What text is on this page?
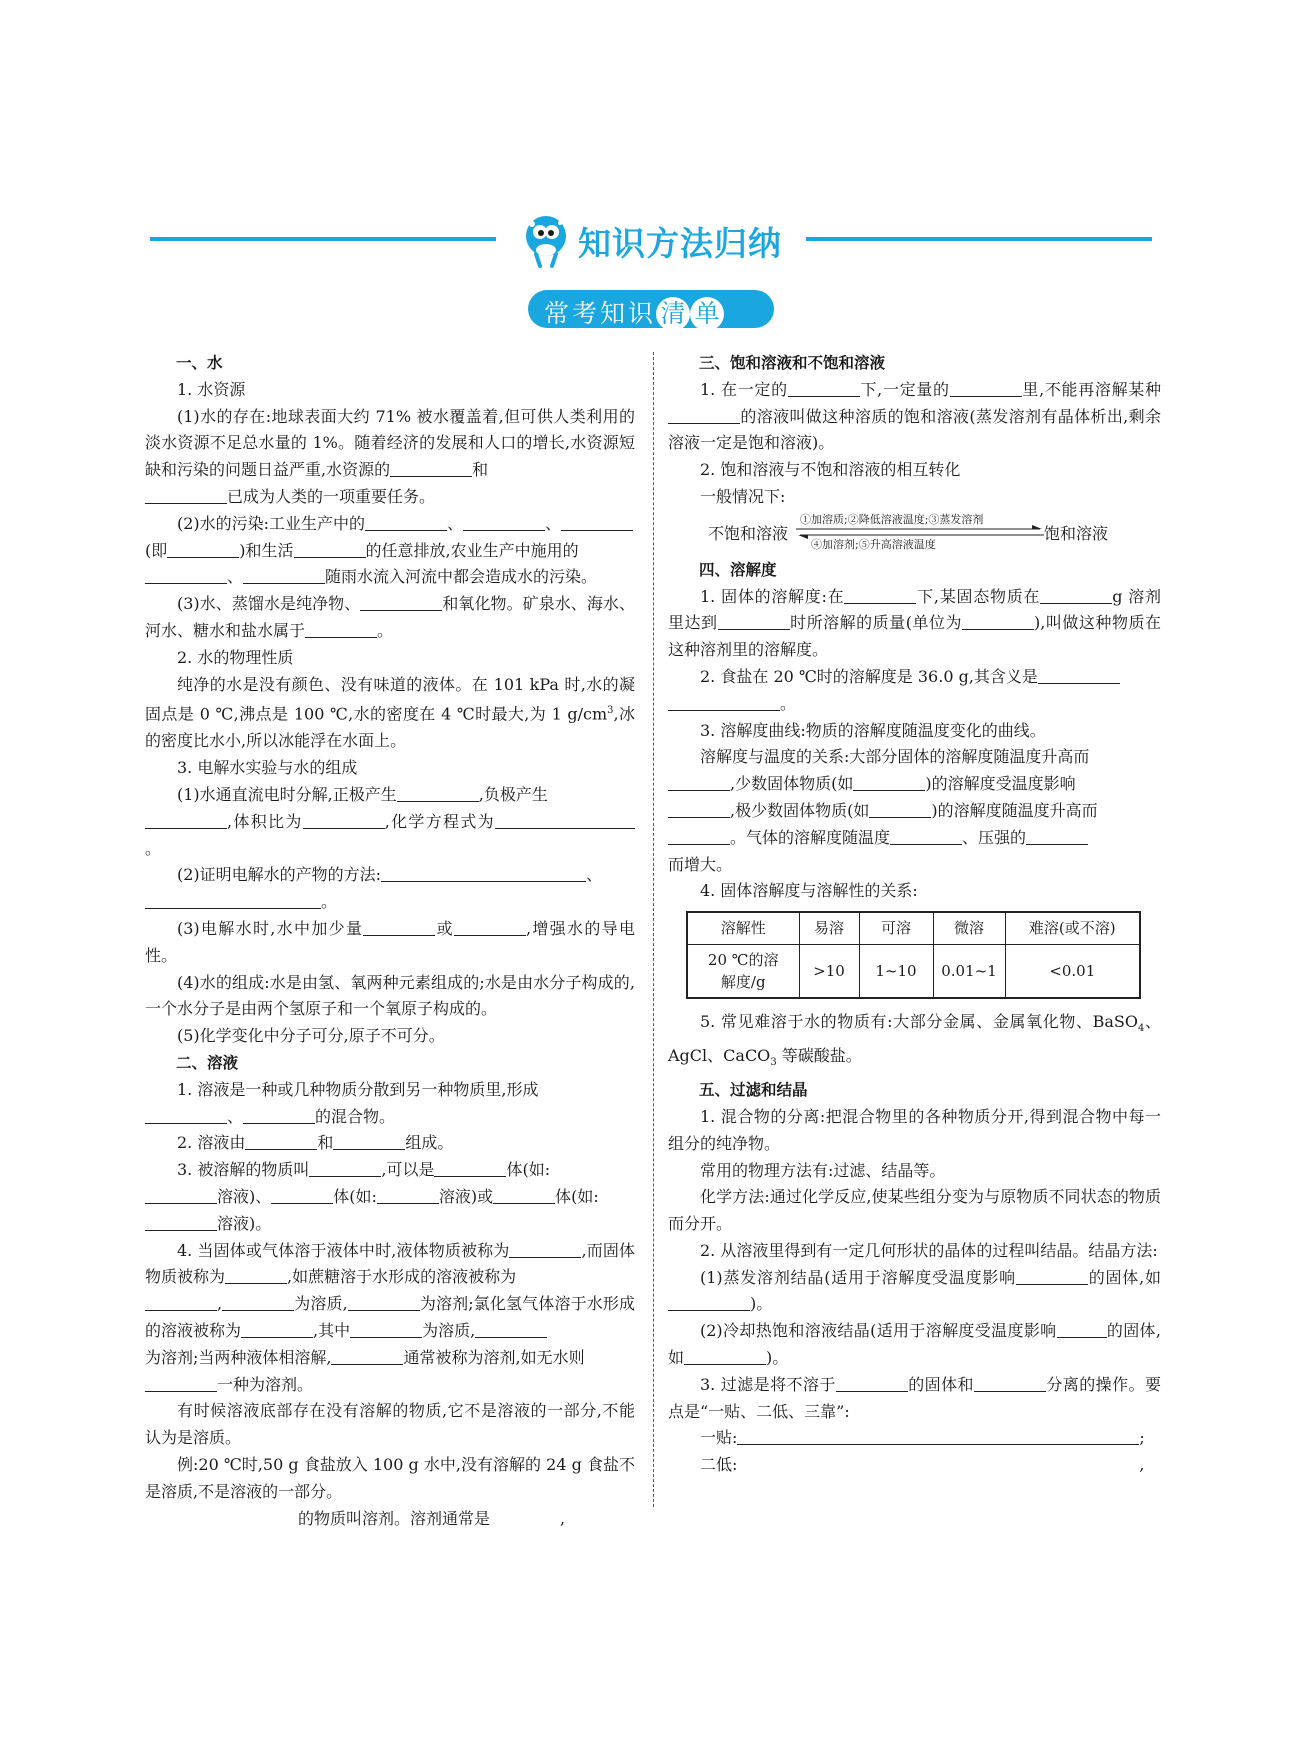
知识方法归纳
常考知识 清 单
一、水
1. 水资源
(1)水的存在:地球表面大约 71% 被水覆盖着,但可供人类利用的淡水资源不足总水量的 1%。随着经济的发展和人口的增长,水资源短缺和污染的问题日益严重,水资源的	和
已成为人类的一项重要任务。
(2)水的污染:工业生产中的	、	、
(即	)和生活	的任意排放,农业生产中施用的
、	随雨水流入河流中都会造成水的污染。
(3)水、蒸馏水是纯净物、	和氧化物。矿泉水、海水、河水、糖水和盐水属于	。
2. 水的物理性质
纯净的水是没有颜色、没有味道的液体。在 101 kPa 时,水的凝固点是 0 ℃,沸点是 100 ℃,水的密度在 4 ℃时最大,为 1 $g/cm^3$,冰的密度比水小,所以冰能浮在水面上。
3. 电解水实验与水的组成
(1)水通直流电时分解,正极产生	,负极产生
,体积比为	,化学方程式为。
(2)证明电解水的产物的方法:	、
。
(3)电解水时,水中加少量	或	,增强水的导电性。
(4)水的组成:水是由氢、氧两种元素组成的;水是由水分子构成的,一个水分子是由两个氢原子和一个氧原子构成的。
(5)化学变化中分子可分,原子不可分。
二、溶液
1. 溶液是一种或几种物质分散到另一种物质里,形成
、	的混合物。
2. 溶液由	和	组成。
3. 被溶解的物质叫	,可以是	体(如:
溶液)、	体(如:	溶液)或	体(如:
溶液)。
4. 当固体或气体溶于液体中时,液体物质被称为	,而固体物质被称为	,如蔗糖溶于水形成的溶液被称为
,	为溶质,	为溶剂;氯化氢气体溶于水形成的溶液被称为	,其中	为溶质,
为溶剂;当两种液体相溶解,	通常被称为溶剂,如无水则
一种为溶剂。
有时候溶液底部存在没有溶解的物质,它不是溶液的一部分,不能认为是溶质。
例:20 ℃时,50 g 食盐放入 100 g 水中,没有溶解的 24 g 食盐不是溶质,不是溶液的一部分。
的物质叫溶剂。溶剂通常是	,
三、饱和溶液和不饱和溶液
1. 在一定的	下,一定量的	里,不能再溶解某种的溶液叫做这种溶质的饱和溶液(蒸发溶剂有晶体析出,剩余溶液一定是饱和溶液)。
2. 饱和溶液与不饱和溶液的相互转化
一般情况下:
不饱和溶液
①加溶质;②降低溶液温度;③蒸发溶剂
④加溶剂;⑤升高溶液温度
饱和溶液
四、溶解度
1. 固体的溶解度:在	下,某固态物质在	g 溶剂里达到	时所溶解的质量(单位为	),叫做这种物质在这种溶剂里的溶解度。
2. 食盐在 20 ℃时的溶解度是 36.0 g,其含义是
。
3. 溶解度曲线:物质的溶解度随温度变化的曲线。
溶解度与温度的关系:大部分固体的溶解度随温度升高而
,少数固体物质(如	)的溶解度受温度影响
,极少数固体物质(如	)的溶解度随温度升高而
。气体的溶解度随温度	、压强的
而增大。
4. 固体溶解度与溶解性的关系:
溶解性	易溶	可溶	微溶	难溶(或不溶)
20 ℃的溶
解度/g	>10	1~10	0.01~1	<0.01
5. 常见难溶于水的物质有:大部分金属、金属氧化物、BaSO$_4$、AgCl、CaCO$_3$ 等碳酸盐。
五、过滤和结晶
1. 混合物的分离:把混合物里的各种物质分开,得到混合物中每一组分的纯净物。
常用的物理方法有:过滤、结晶等。
化学方法:通过化学反应,使某些组分变为与原物质不同状态的物质而分开。
2. 从溶液里得到有一定几何形状的晶体的过程叫结晶。结晶方法:
(1)蒸发溶剂结晶(适用于溶解度受温度影响	的固体,如)。
(2)冷却热饱和溶液结晶(适用于溶解度受温度影响	的固体,如	)。
3. 过滤是将不溶于	的固体和	分离的操作。要点是“一贴、二低、三靠”:
一贴:	;
二低:	,
